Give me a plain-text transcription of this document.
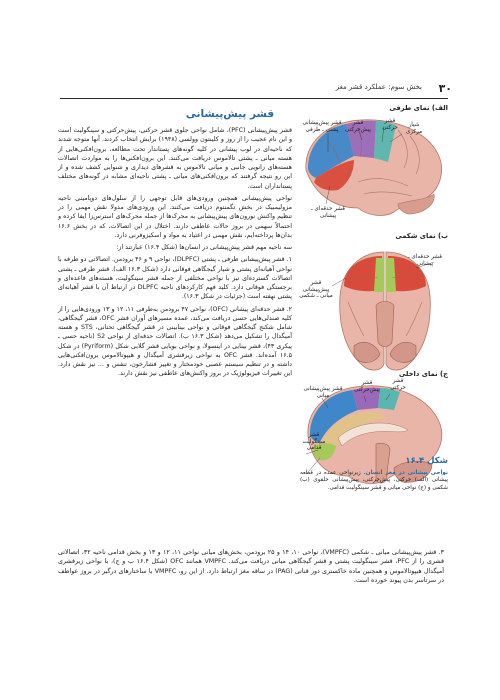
۳۰
بخش سوم: عملکرد قشر مغز
قشر پیش‌پیشانی

قشر پیش‌پیشانی (PFC)، شامل نواحی جلوی قشر حرکتی، پیش‌حرکتی و سینگولیت است و این نام عجیب را از روز و کلینتون وولسی (۱۹۴۸) برایش انتخاب کردند. آنها متوجه شدند که ناحیه‌ای در لوب پیشانی در کلیه گونه‌های پستاندار تحت مطالعه، برون‌افکنی‌هایی از هسته میانی ـ پشتی تالاموس دریافت می‌کنند. این برون‌افکنی‌ها را به مواردت اتصالات هسته‌های زانویی جانبی و میانی تالاموس به قشرهای دیداری و شنوایی کشف شده و از این رو نتیجه گرفتند که برون‌افکنی‌های میانی ـ پشتی ناحیه‌ای مشابه در گونه‌های مختلف پستانداران است.

نواحی پیش‌پیشانی همچنین ورودی‌های قابل توجهی را از سلول‌های دوپامینی ناحیه مزولیمبیک در بخش تگمنتوم دریافت می‌کنند. این ورودی‌های مدولا نقش مهمی را در تنظیم واکنش نورون‌های پیش‌پیشانی به محرک‌ها از جمله محرک‌های استرس‌زا ایفا کرده و احتمالاً سهمی در بروز حالات عاطفی دارند. اختلال در این اتصالات، که در بخش ۱۶.۶ بدان‌ها پرداخته‌ایم، نقش مهمی در اعتیاد به مواد و اسکیزوفرنی دارد.

سه ناحیه مهم قشر پیش‌پیشانی در انسان‌ها (شکل ۱۶.۴) عبارتند از:

۱. قشر پیش‌پیشانی طرفی ـ پشتی (DLPFC)، نواحی ۹ و ۴۶ برودمن. اتصالاتی دو طرفه با نواحی آهیانه‌ای پشتی و شیار گیجگاهی فوقانی دارد (شکل ۱۶.۳ الف). قشر طرفی ـ پشتی اتصالات گسترده‌ای نیز با نواحی مختلفی از جمله قشر سینگولیت، هسته‌های قاعده‌ای و برجستگی فوقانی دارد. کلید فهم کارکردهای ناحیه DLPFC در ارتباط آن با قشر آهیانه‌ای پشتی نهفته است (جزئیات در شکل ۱۶.۳).

۲. قشر حدقه‌ای پیشانی (OFC)، نواحی ۴۷ برودمن به‌طرفی ۱۱، ۱۲ و ۱۳ ورودی‌هایی را از کلیه صندلی‌هایی حسی دریافت می‌کند، عمده مسیرهای آوران قشر OFC، قشر گیجگاهی، شامل شکنج گیجگاهی فوقانی و نواحی بینابینی در قشر گیجگاهی تحتانی، STS و هسته آمیگدال را تشکیل می‌دهد (شکل ۱۶.۳ ب). اتصالات حدقه‌ای از نواحی S2 (ناحیه حسی ـ پیکری ۴۳)، قشر بینایی در اینسولا، و نواحی بویایی قشر گلابی شکل (Pyriform) در شکل ۱۶.۵ آمده‌اند. قشر OFC به نواحی زیرقشری آمیگدال و هیپوتالاموس برون‌افکنی‌هایی داشته و در تنظیم سیستم عصبی خودمختار و تغییر فشارخون، تنفس و … نیز نقش دارد. این تغییرات فیزیولوژیک در بروز واکنش‌های عاطفی نیز نقش دارند.

۳. قشر پیش‌پیشانی میانی ـ شکمی (VMPFC)، نواحی ۱۰، ۱۴ و ۲۵ برودمن، بخش‌های میانی نواحی ۱۱، ۱۲ و ۱۳ و بخش قدامی ناحیه ۳۲، اتصالاتی قشری را از PFC، قشر سینگولیت پشتی و قشر گیجگاهی میانی دریافت می‌کند. VMPFC همانند OFC (شکل ۱۶.۴ ب و ج)، با نواحی زیرقشری آمیگدال هیپوتالاموس و همچنین ماده خاکستری دور قناتی (PAG) در ساقه مغز ارتباط دارد. از این رو، VMPFC با ساختارهای درگیر در بروز عواطف در سرتاسر بدن پیوند خورده است.

الف) نمای طرفی
قشر پیش‌پیشانی پشتی ـ طرفی
قشر پیش‌حرکتی
قشر حرکتی	شیار مرکزی
قشر حدقه‌ای ـ پیشانی
ب) نمای شکمی
قشر پیش‌پیشانی میانی ـ شکمی
قشر حدقه‌ای ـ پیشانی
ج) نمای داخلی
قشر پیش‌پیشانی میانی
قشر پیش‌حرکتی
قشر حرکتی
قشر سینگولیت قدامی
شکل ۱۶.۴
نواحی پیشانی در مغز انسان. زیرنواحی عمده در قطعه پیشانی (الف) حرکتی، پیش‌حرکتی، پیش‌پیشانی حلقوی (ب) شکمی و (ج) نواحی میانی و قشر سینگولیت قدامی.
